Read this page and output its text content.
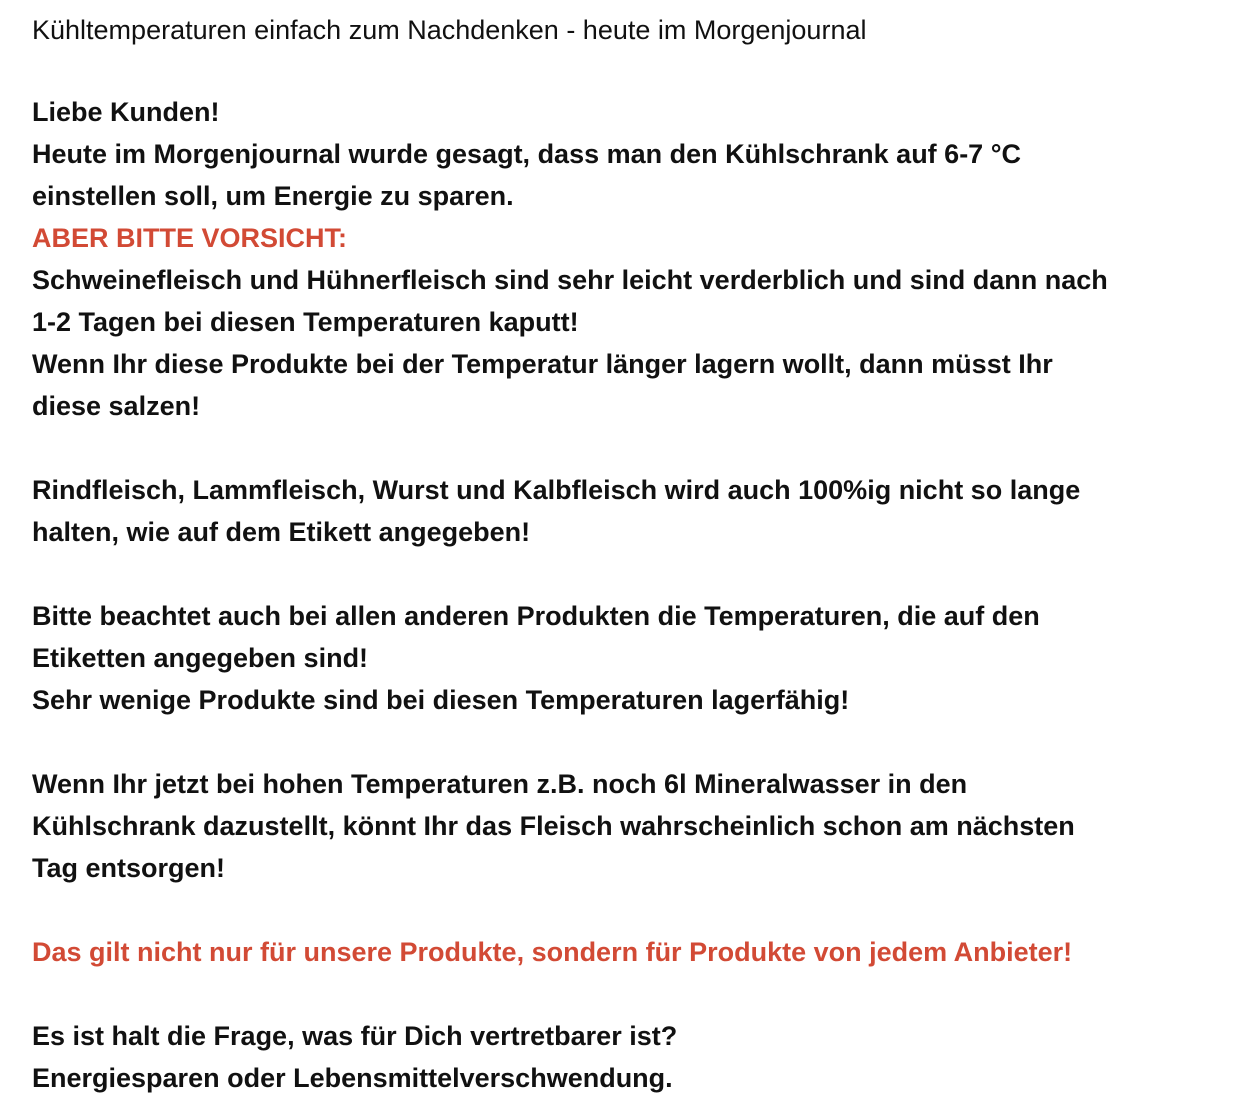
Kühltemperaturen einfach zum Nachdenken - heute im Morgenjournal
Liebe Kunden!
Heute im Morgenjournal wurde gesagt, dass man den Kühlschrank auf 6-7 °C
einstellen soll, um Energie zu sparen.
ABER BITTE VORSICHT:
Schweinefleisch und Hühnerfleisch sind sehr leicht verderblich und sind dann nach
1-2 Tagen bei diesen Temperaturen kaputt!
Wenn Ihr diese Produkte bei der Temperatur länger lagern wollt, dann müsst Ihr
diese salzen!
Rindfleisch, Lammfleisch, Wurst und Kalbfleisch wird auch 100%ig nicht so lange
halten, wie auf dem Etikett angegeben!
Bitte beachtet auch bei allen anderen Produkten die Temperaturen, die auf den
Etiketten angegeben sind!
Sehr wenige Produkte sind bei diesen Temperaturen lagerfähig!
Wenn Ihr jetzt bei hohen Temperaturen z.B. noch 6l Mineralwasser in den
Kühlschrank dazustellt, könnt Ihr das Fleisch wahrscheinlich schon am nächsten
Tag entsorgen!
Das gilt nicht nur für unsere Produkte, sondern für Produkte von jedem Anbieter!
Es ist halt die Frage, was für Dich vertretbarer ist?
Energiesparen oder Lebensmittelverschwendung.
